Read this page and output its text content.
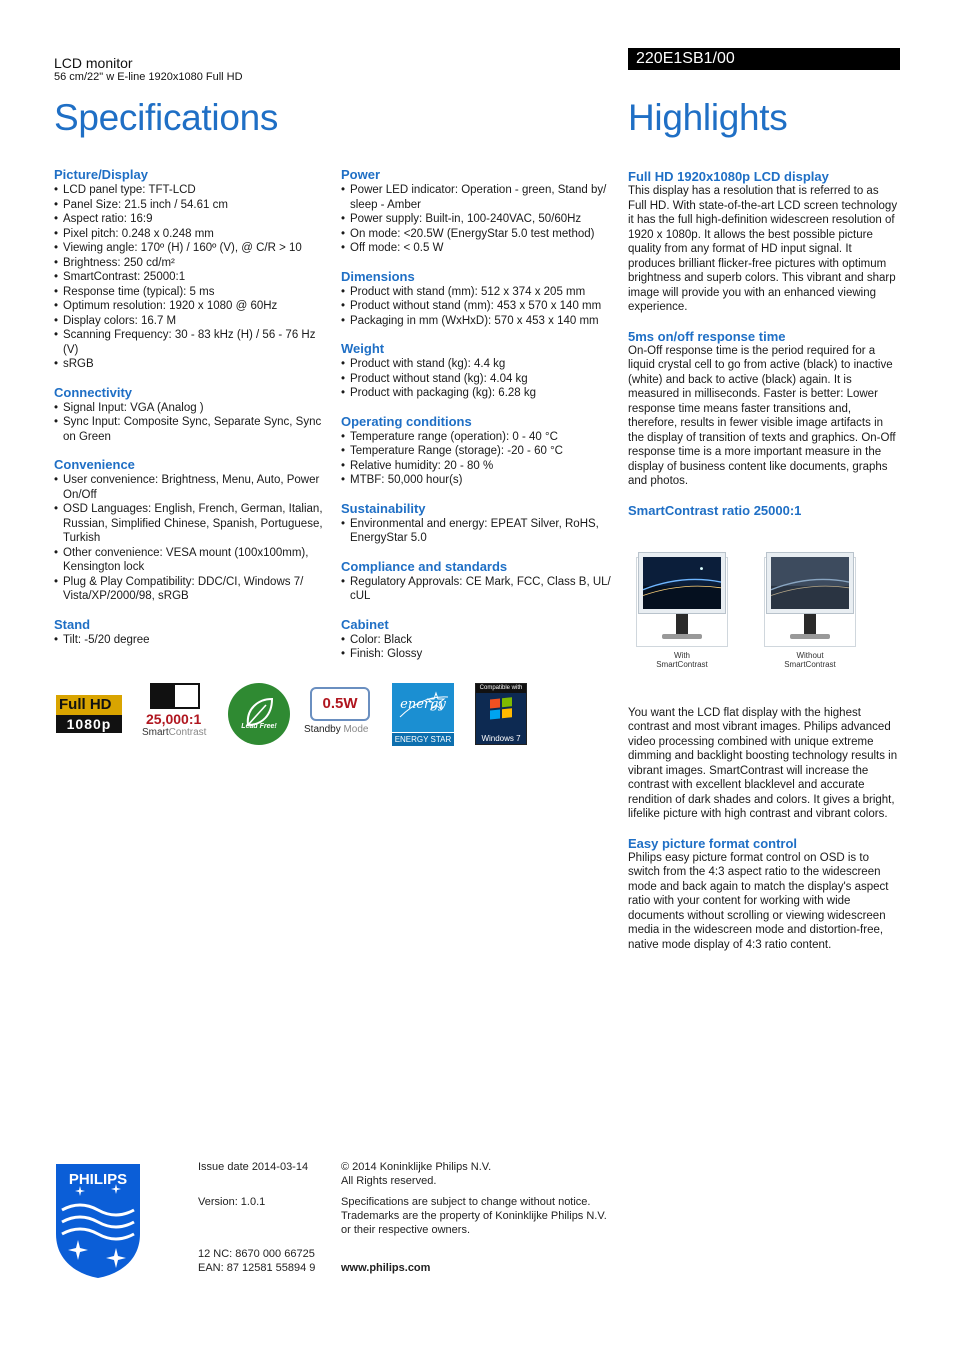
LCD monitor
56 cm/22" w E-line 1920x1080 Full HD
Specifications
220E1SB1/00
Highlights
Picture/Display
• LCD panel type: TFT-LCD
• Panel Size: 21.5 inch / 54.61 cm
• Aspect ratio: 16:9
• Pixel pitch: 0.248 x 0.248 mm
• Viewing angle: 170º (H) / 160º (V), @ C/R > 10
• Brightness: 250 cd/m²
• SmartContrast: 25000:1
• Response time (typical): 5 ms
• Optimum resolution: 1920 x 1080 @ 60Hz
• Display colors: 16.7 M
• Scanning Frequency: 30 - 83 kHz (H) / 56 - 76 Hz (V)
• sRGB
Connectivity
• Signal Input: VGA (Analog )
• Sync Input: Composite Sync, Separate Sync, Sync on Green
Convenience
• User convenience: Brightness, Menu, Auto, Power On/Off
• OSD Languages: English, French, German, Italian, Russian, Simplified Chinese, Spanish, Portuguese, Turkish
• Other convenience: VESA mount (100x100mm), Kensington lock
• Plug & Play Compatibility: DDC/CI, Windows 7/ Vista/XP/2000/98, sRGB
Stand
• Tilt: -5/20 degree
Power
• Power LED indicator: Operation - green, Stand by/ sleep - Amber
• Power supply: Built-in, 100-240VAC, 50/60Hz
• On mode: <20.5W (EnergyStar 5.0 test method)
• Off mode: < 0.5 W
Dimensions
• Product with stand (mm): 512 x 374 x 205 mm
• Product without stand (mm): 453 x 570 x 140 mm
• Packaging in mm (WxHxD): 570 x 453 x 140 mm
Weight
• Product with stand (kg): 4.4 kg
• Product without stand (kg): 4.04 kg
• Product with packaging (kg): 6.28 kg
Operating conditions
• Temperature range (operation): 0 - 40 °C
• Temperature Range (storage): -20 - 60 °C
• Relative humidity: 20 - 80 %
• MTBF: 50,000 hour(s)
Sustainability
• Environmental and energy: EPEAT Silver, RoHS, EnergyStar 5.0
Compliance and standards
• Regulatory Approvals: CE Mark, FCC, Class B, UL/ cUL
Cabinet
• Color: Black
• Finish: Glossy
Full HD 1920x1080p LCD display
This display has a resolution that is referred to as Full HD. With state-of-the-art LCD screen technology it has the full high-definition widescreen resolution of 1920 x 1080p. It allows the best possible picture quality from any format of HD input signal. It produces brilliant flicker-free pictures with optimum brightness and superb colors. This vibrant and sharp image will provide you with an enhanced viewing experience.
5ms on/off response time
On-Off response time is the period required for a liquid crystal cell to go from active (black) to inactive (white) and back to active (black) again. It is measured in milliseconds. Faster is better: Lower response time means faster transitions and, therefore, results in fewer visible image artifacts in the display of transition of texts and graphics. On-Off response time is a more important measure in the display of business content like documents, graphs and photos.
SmartContrast ratio 25000:1
With
SmartContrast
Without
SmartContrast
You want the LCD flat display with the highest contrast and most vibrant images. Philips advanced video processing combined with unique extreme dimming and backlight boosting technology results in vibrant images. SmartContrast will increase the contrast with excellent blacklevel and accurate rendition of dark shades and colors. It gives a bright, lifelike picture with high contrast and vibrant colors.
Easy picture format control
Philips easy picture format control on OSD is to switch from the 4:3 aspect ratio to the widescreen mode and back again to match the display's aspect ratio with your content for working with wide documents without scrolling or viewing widescreen media in the widescreen mode and distortion-free, native mode display of 4:3 ratio content.
Full HD
1080p	25,000:1
SmartContrast
Lead Free!
0.5W
Standby Mode
energy
ENERGY STAR
Compatible with
Windows 7
PHILIPS
Issue date 2014-03-14
Version: 1.0.1
12 NC: 8670 000 66725
EAN: 87 12581 55894 9
© 2014 Koninklijke Philips N.V.
All Rights reserved.
Specifications are subject to change without notice.
Trademarks are the property of Koninklijke Philips N.V.
or their respective owners.
www.philips.com
